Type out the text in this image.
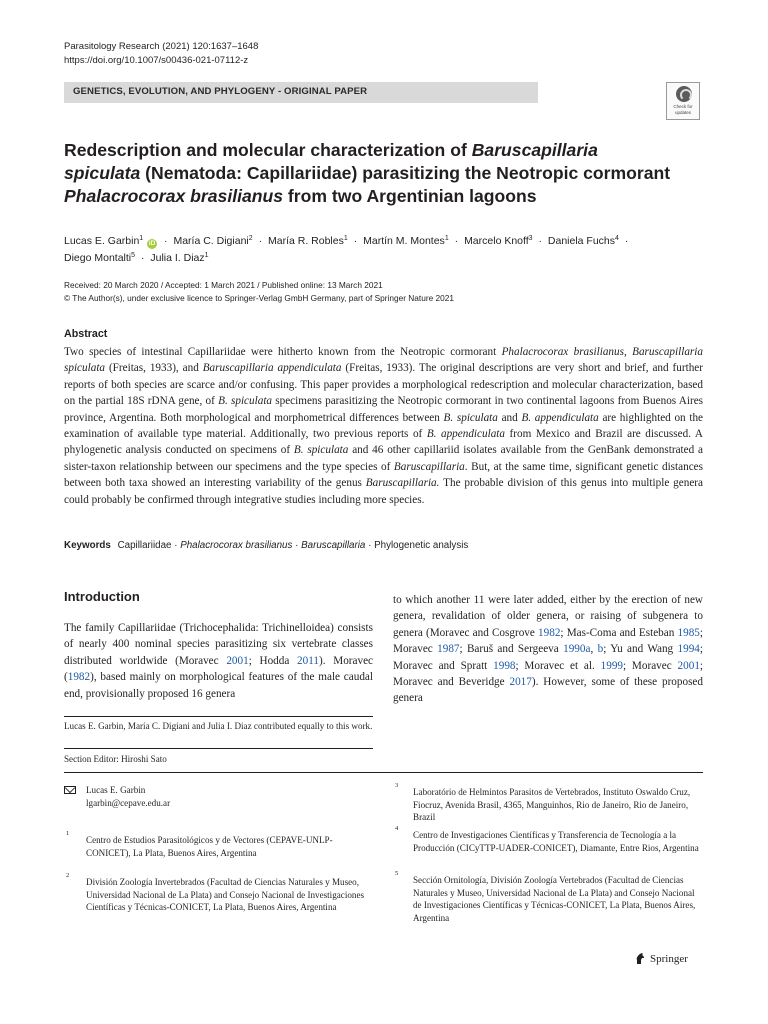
Parasitology Research (2021) 120:1637–1648
https://doi.org/10.1007/s00436-021-07112-z
GENETICS, EVOLUTION, AND PHYLOGENY - ORIGINAL PAPER
Check for updates
Redescription and molecular characterization of Baruscapillaria spiculata (Nematoda: Capillariidae) parasitizing the Neotropic cormorant Phalacrocorax brasilianus from two Argentinian lagoons
Lucas E. Garbin$^1$ iD · María C. Digiani$^2$ · María R. Robles$^1$ · Martín M. Montes$^1$ · Marcelo Knoff$^3$ · Daniela Fuchs$^4$ ·
Diego Montalti$^5$ · Julia I. Diaz$^1$
Received: 20 March 2020 / Accepted: 1 March 2021 / Published online: 13 March 2021
© The Author(s), under exclusive licence to Springer-Verlag GmbH Germany, part of Springer Nature 2021
Abstract

Two species of intestinal Capillariidae were hitherto known from the Neotropic cormorant Phalacrocorax brasilianus, Baruscapillaria spiculata (Freitas, 1933), and Baruscapillaria appendiculata (Freitas, 1933). The original descriptions are very short and brief, and further reports of both species are scarce and/or confusing. This paper provides a morphological redescription and molecular characterization, based on the partial 18S rDNA gene, of B. spiculata specimens parasitizing the Neotropic cormorant in two continental lagoons from Buenos Aires province, Argentina. Both morphological and morphometrical differences between B. spiculata and B. appendiculata are highlighted on the examination of available type material. Additionally, two previous reports of B. appendiculata from Mexico and Brazil are discussed. A phylogenetic analysis conducted on specimens of B. spiculata and 46 other capillariid isolates available from the GenBank demonstrated a sister-taxon relationship between our specimens and the type species of Baruscapillaria. But, at the same time, significant genetic distances between both taxa showed an interesting variability of the genus Baruscapillaria. The probable division of this genus into multiple genera could probably be confirmed through integrative studies including more species.

Keywords Capillariidae · Phalacrocorax brasilianus · Baruscapillaria · Phylogenetic analysis
Introduction

The family Capillariidae (Trichocephalida: Trichinelloidea) consists of nearly 400 nominal species parasitizing six vertebrate classes distributed worldwide (Moravec 2001; Hodda 2011). Moravec (1982), based mainly on morphological features of the male caudal end, provisionally proposed 16 genera

to which another 11 were later added, either by the erection of new genera, revalidation of older genera, or raising of subgenera to genera (Moravec and Cosgrove 1982; Mas-Coma and Esteban 1985; Moravec 1987; Baruš and Sergeeva 1990a, b; Yu and Wang 1994; Moravec and Spratt 1998; Moravec et al. 1999; Moravec 2001; Moravec and Beveridge 2017). However, some of these proposed genera

Lucas E. Garbin, María C. Digiani and Julia I. Diaz contributed equally to this work.
Section Editor: Hiroshi Sato
Lucas E. Garbin
lgarbin@cepave.edu.ar
1
Centro de Estudios Parasitológicos y de Vectores (CEPAVE-UNLP-CONICET), La Plata, Buenos Aires, Argentina
2
División Zoología Invertebrados (Facultad de Ciencias Naturales y Museo, Universidad Nacional de La Plata) and Consejo Nacional de Investigaciones Científicas y Técnicas-CONICET, La Plata, Buenos Aires, Argentina
3
Laboratório de Helmintos Parasitos de Vertebrados, Instituto Oswaldo Cruz, Fiocruz, Avenida Brasil, 4365, Manguinhos, Rio de Janeiro, Rio de Janeiro, Brazil
4
Centro de Investigaciones Científicas y Transferencia de Tecnología a la Producción (CICyTTP-UADER-CONICET), Diamante, Entre Rios, Argentina
5
Sección Ornitología, División Zoología Vertebrados (Facultad de Ciencias Naturales y Museo, Universidad Nacional de La Plata) and Consejo Nacional de Investigaciones Científicas y Técnicas-CONICET, La Plata, Buenos Aires, Argentina
Springer
